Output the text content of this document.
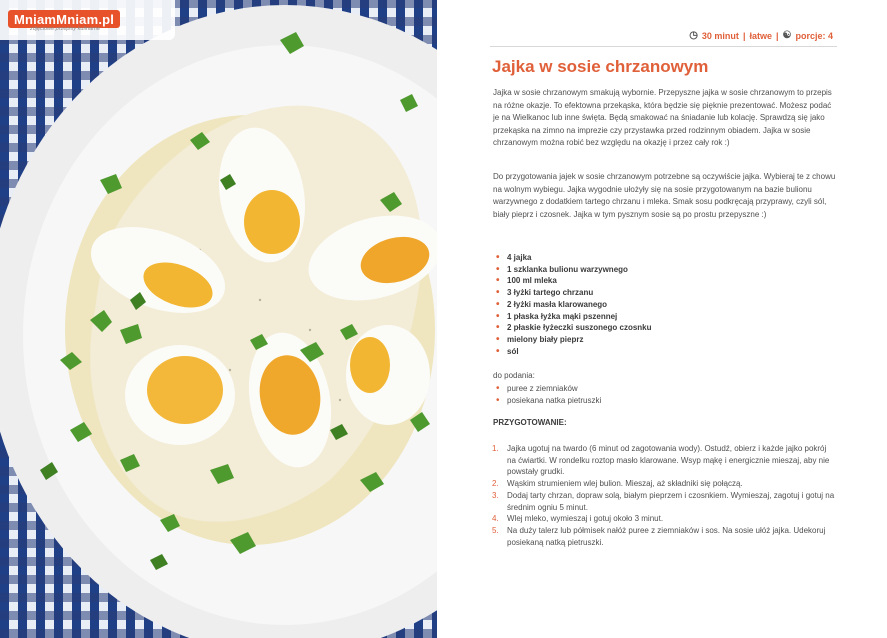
MniamMniam.pl
zdjęciowe przepisy kulinarne
◷ 30 minut | łatwe | ☯ porcje: 4
Jajka w sosie chrzanowym

Jajka w sosie chrzanowym smakują wybornie. Przepyszne jajka w sosie chrzanowym to przepis na różne okazje. To efektowna przekąska, która będzie się pięknie prezentować. Możesz podać je na Wielkanoc lub inne święta. Będą smakować na śniadanie lub kolację. Sprawdzą się jako przekąska na zimno na imprezie czy przystawka przed rodzinnym obiadem. Jajka w sosie chrzanowym można robić bez względu na okazję i przez cały rok :)

Do przygotowania jajek w sosie chrzanowym potrzebne są oczywiście jajka. Wybieraj te z chowu na wolnym wybiegu. Jajka wygodnie ułożyły się na sosie przygotowanym na bazie bulionu warzywnego z dodatkiem tartego chrzanu i mleka. Smak sosu podkręcają przyprawy, czyli sól, biały pieprz i czosnek. Jajka w tym pysznym sosie są po prostu przepyszne :)

• 4 jajka
• 1 szklanka bulionu warzywnego
• 100 ml mleka
• 3 łyżki tartego chrzanu
• 2 łyżki masła klarowanego
• 1 płaska łyżka mąki pszennej
• 2 płaskie łyżeczki suszonego czosnku
• mielony biały pieprz
• sól
do podania:
• puree z ziemniaków
• posiekana natka pietruszki
PRZYGOTOWANIE:
1. Jajka ugotuj na twardo (6 minut od zagotowania wody). Ostudź, obierz i każde jajko pokrój na ćwiartki. W rondelku roztop masło klarowane. Wsyp mąkę i energicznie mieszaj, aby nie powstały grudki.
2. Wąskim strumieniem wlej bulion. Mieszaj, aż składniki się połączą.
3. Dodaj tarty chrzan, dopraw solą, białym pieprzem i czosnkiem. Wymieszaj, zagotuj i gotuj na średnim ogniu 5 minut.
4. Wlej mleko, wymieszaj i gotuj około 3 minut.
5. Na duży talerz lub półmisek nałóż puree z ziemniaków i sos. Na sosie ułóż jajka. Udekoruj posiekaną natką pietruszki.
